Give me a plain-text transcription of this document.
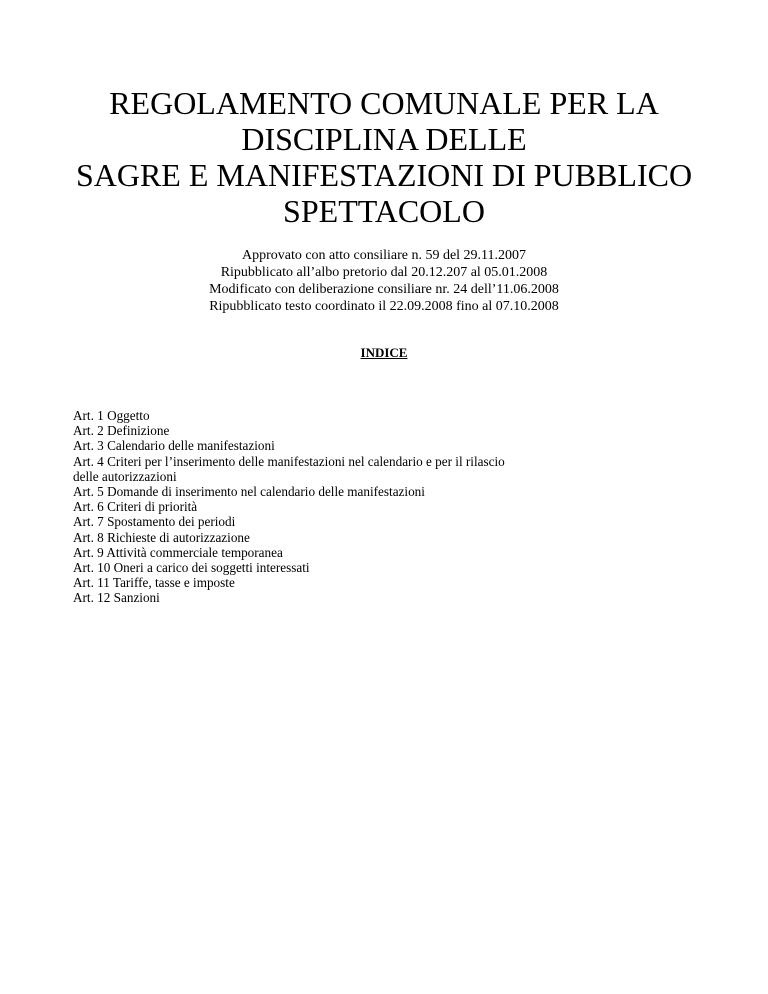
REGOLAMENTO COMUNALE PER LA
DISCIPLINA DELLE
SAGRE E MANIFESTAZIONI DI PUBBLICO
SPETTACOLO
Approvato con atto consiliare n. 59 del 29.11.2007
Ripubblicato all’albo pretorio dal 20.12.207 al 05.01.2008
Modificato con deliberazione consiliare nr. 24 dell’11.06.2008
Ripubblicato testo coordinato il 22.09.2008 fino al 07.10.2008
INDICE
Art. 1 Oggetto
Art. 2 Definizione
Art. 3 Calendario delle manifestazioni
Art. 4 Criteri per l’inserimento delle manifestazioni nel calendario e per il rilascio
delle autorizzazioni
Art. 5 Domande di inserimento nel calendario delle manifestazioni
Art. 6 Criteri di priorità
Art. 7 Spostamento dei periodi
Art. 8 Richieste di autorizzazione
Art. 9 Attività commerciale temporanea
Art. 10 Oneri a carico dei soggetti interessati
Art. 11 Tariffe, tasse e imposte
Art. 12 Sanzioni
